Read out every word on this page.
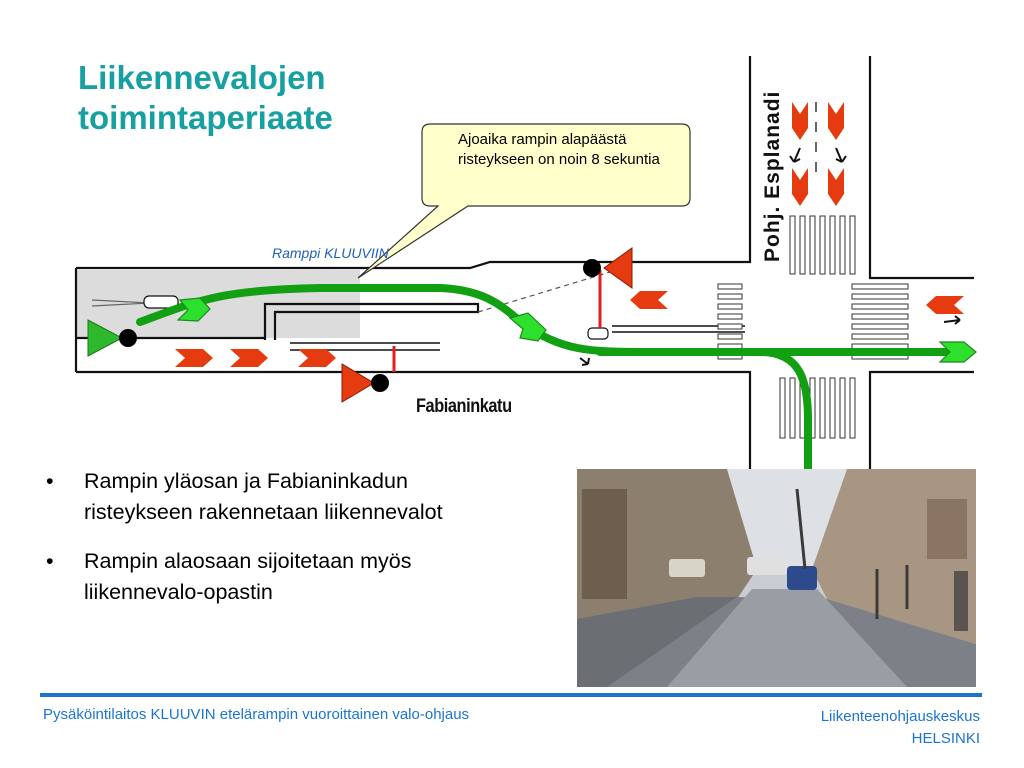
Liikennevalojen
toimintaperiaate
Ajoaika rampin alapäästä risteykseen on noin 8 sekuntia
Ramppi KLUUVIIN
Fabianinkatu
Pohj. Esplanadi
• Rampin yläosan ja Fabianinkadun risteykseen rakennetaan liikennevalot
• Rampin alaosaan sijoitetaan myös liikennevalo-opastin
Pysäköintilaitos KLUUVIN etelärampin vuoroittainen valo-ohjaus	Liikenteenohjauskeskus
HELSINKI
